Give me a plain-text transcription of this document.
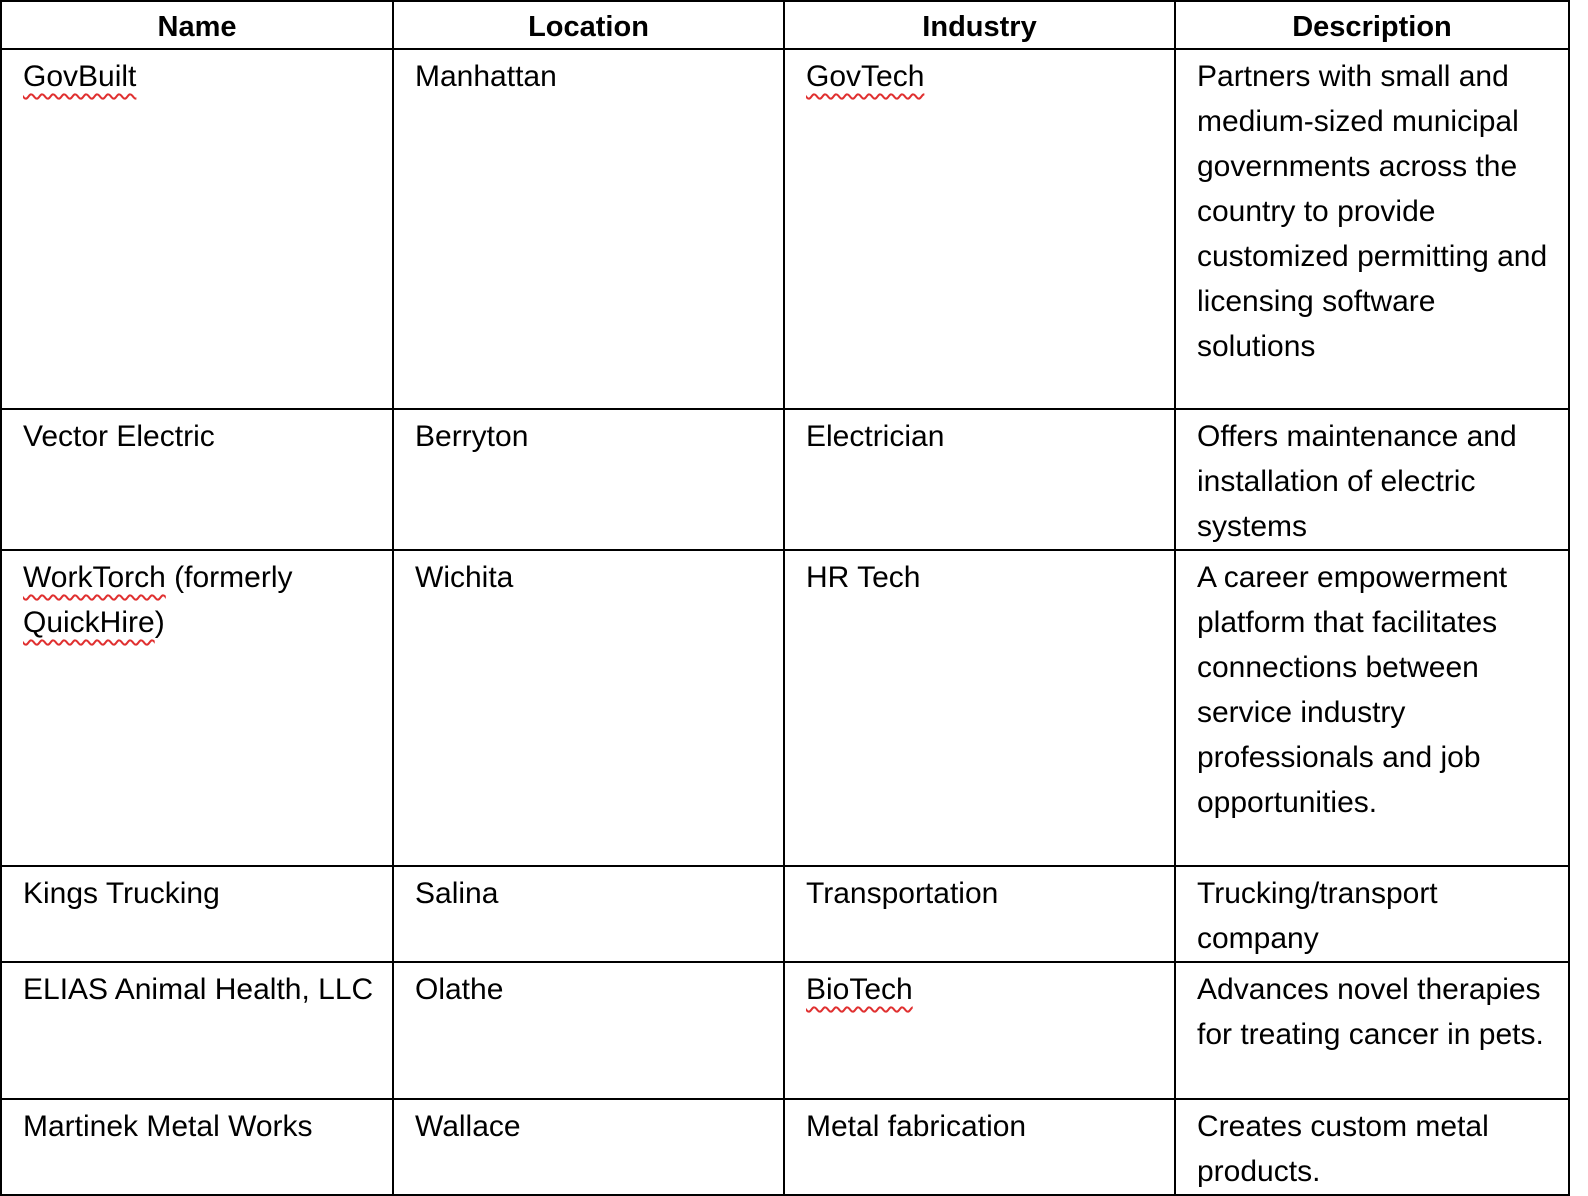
Name	Location	Industry	Description
GovBuilt	Manhattan	GovTech	Partners with small and medium-sized municipal governments across the country to provide customized permitting and licensing software solutions
Vector Electric	Berryton	Electrician	Offers maintenance and installation of electric systems
WorkTorch (formerly QuickHire)	Wichita	HR Tech	A career empowerment platform that facilitates connections between service industry professionals and job opportunities.
Kings Trucking	Salina	Transportation	Trucking/transport company
ELIAS Animal Health, LLC	Olathe	BioTech	Advances novel therapies for treating cancer in pets.
Martinek Metal Works	Wallace	Metal fabrication	Creates custom metal products.
